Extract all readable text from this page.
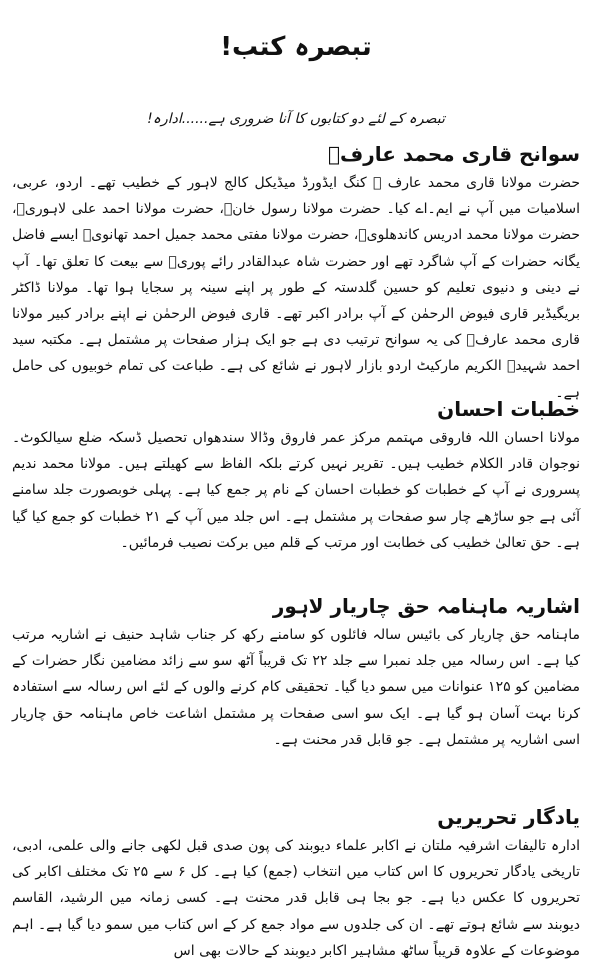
تبصرہ کتب!
تبصرہ کے لئے دو کتابوں کا آنا ضروری ہے......ادارہ!
سوانح قاری محمد عارفؒ

حضرت مولانا قاری محمد عارف ؒ کنگ ایڈورڈ میڈیکل کالج لاہور کے خطیب تھے۔ اردو، عربی، اسلامیات میں آپ نے ایم۔اے کیا۔ حضرت مولانا رسول خانؒ، حضرت مولانا احمد علی لاہوریؒ، حضرت مولانا محمد ادریس کاندھلویؒ، حضرت مولانا مفتی محمد جمیل احمد تھانویؒ ایسے فاضل یگانہ حضرات کے آپ شاگرد تھے اور حضرت شاہ عبدالقادر رائے پوریؒ سے بیعت کا تعلق تھا۔ آپ نے دینی و دنیوی تعلیم کو حسین گلدستہ کے طور پر اپنے سینہ پر سجایا ہوا تھا۔ مولانا ڈاکٹر بریگیڈیر قاری فیوض الرحمٰن کے آپ برادر اکبر تھے۔ قاری فیوض الرحمٰن نے اپنے برادر کبیر مولانا قاری محمد عارفؒ کی یہ سوانح ترتیب دی ہے جو ایک ہزار صفحات پر مشتمل ہے۔ مکتبہ سید احمد شہیدؒ الکریم مارکیٹ اردو بازار لاہور نے شائع کی ہے۔ طباعت کی تمام خوبیوں کی حامل ہے۔

خطبات احسان

مولانا احسان اللہ فاروقی مہتمم مرکز عمر فاروق وڈالا سندھواں تحصیل ڈسکہ ضلع سیالکوٹ۔ نوجوان قادر الکلام خطیب ہیں۔ تقریر نہیں کرتے بلکہ الفاظ سے کھیلتے ہیں۔ مولانا محمد ندیم پسروری نے آپ کے خطبات کو خطبات احسان کے نام پر جمع کیا ہے۔ پہلی خوبصورت جلد سامنے آئی ہے جو ساڑھے چار سو صفحات پر مشتمل ہے۔ اس جلد میں آپ کے ۲۱ خطبات کو جمع کیا گیا ہے۔ حق تعالیٰ خطیب کی خطابت اور مرتب کے قلم میں برکت نصیب فرمائیں۔

اشاریہ ماہنامہ حق چاریار لاہور

ماہنامہ حق چاریار کی بائیس سالہ فائلوں کو سامنے رکھ کر جناب شاہد حنیف نے اشاریہ مرتب کیا ہے۔ اس رسالہ میں جلد نمبرا سے جلد ۲۲ تک قریباً آٹھ سو سے زائد مضامین نگار حضرات کے مضامین کو ۱۲۵ عنوانات میں سمو دیا گیا۔ تحقیقی کام کرنے والوں کے لئے اس رسالہ سے استفادہ کرنا بہت آسان ہو گیا ہے۔ ایک سو اسی صفحات پر مشتمل اشاعت خاص ماہنامہ حق چاریار اسی اشاریہ پر مشتمل ہے۔ جو قابل قدر محنت ہے۔

یادگار تحریریں

ادارہ تالیفات اشرفیہ ملتان نے اکابر علماء دیوبند کی پون صدی قبل لکھی جانے والی علمی، ادبی، تاریخی یادگار تحریروں کا اس کتاب میں انتخاب (جمع) کیا ہے۔ کل ۶ سے ۲۵ تک مختلف اکابر کی تحریروں کا عکس دیا ہے۔ جو بجا ہی قابل قدر محنت ہے۔ کسی زمانہ میں الرشید، القاسم دیوبند سے شائع ہوتے تھے۔ ان کی جلدوں سے مواد جمع کر کے اس کتاب میں سمو دیا گیا ہے۔ اہم موضوعات کے علاوہ قریباً ساٹھ مشاہیر اکابر دیوبند کے حالات بھی اس
